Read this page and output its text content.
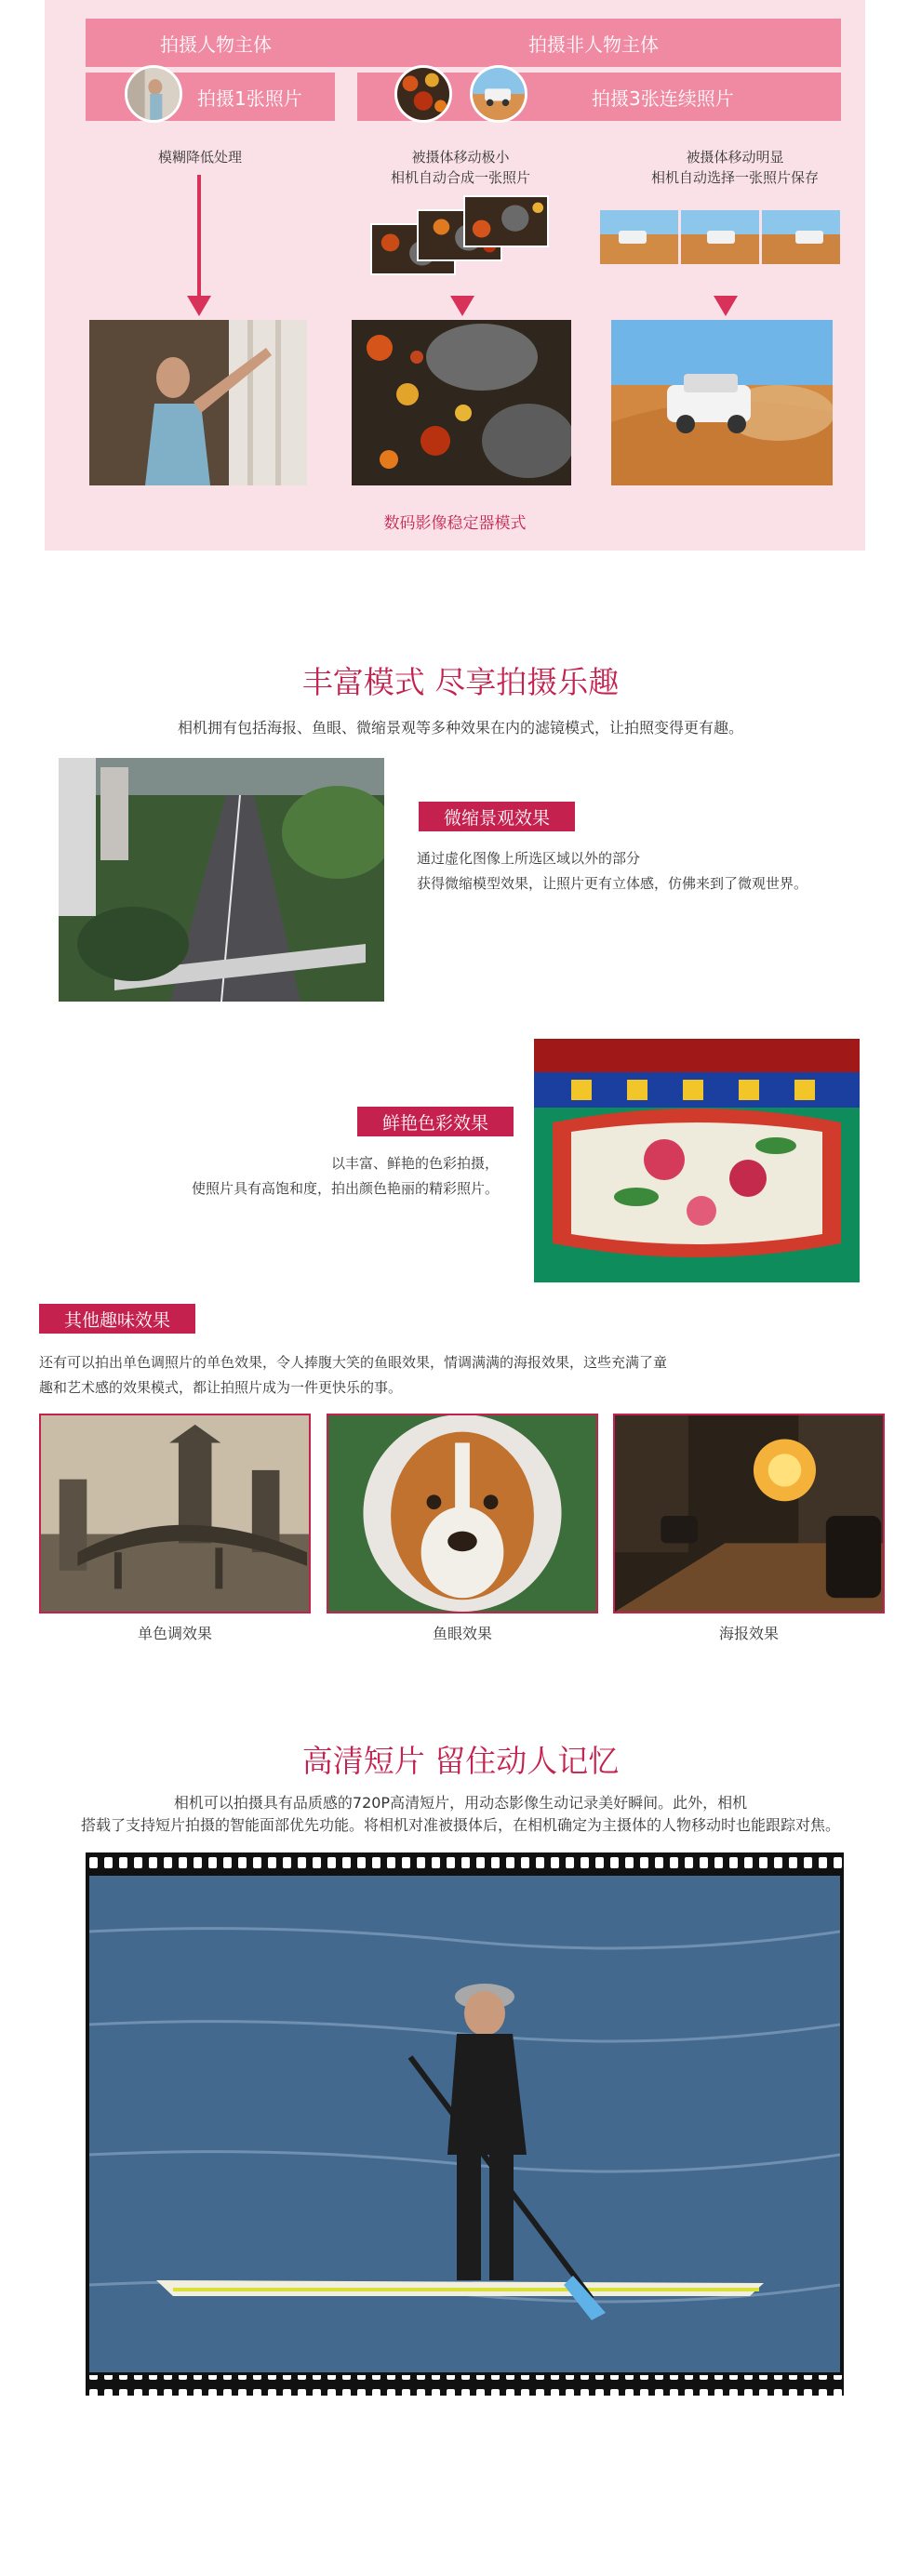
拍摄人物主体	拍摄非人物主体
拍摄1张照片	拍摄3张连续照片
模糊降低处理	被摄体移动极小
相机自动合成一张照片
被摄体移动明显
相机自动选择一张照片保存
数码影像稳定器模式
丰富模式 尽享拍摄乐趣
相机拥有包括海报、鱼眼、微缩景观等多种效果在内的滤镜模式，让拍照变得更有趣。
微缩景观效果
通过虚化图像上所选区域以外的部分
获得微缩模型效果，让照片更有立体感，仿佛来到了微观世界。
鲜艳色彩效果
以丰富、鲜艳的色彩拍摄，
使照片具有高饱和度，拍出颜色艳丽的精彩照片。
其他趣味效果
还有可以拍出单色调照片的单色效果，令人捧腹大笑的鱼眼效果，情调满满的海报效果，这些充满了童
趣和艺术感的效果模式，都让拍照片成为一件更快乐的事。
单色调效果	鱼眼效果	海报效果
高清短片 留住动人记忆
相机可以拍摄具有品质感的720P高清短片，用动态影像生动记录美好瞬间。此外，相机
搭载了支持短片拍摄的智能面部优先功能。将相机对准被摄体后，在相机确定为主摄体的人物移动时也能跟踪对焦。
